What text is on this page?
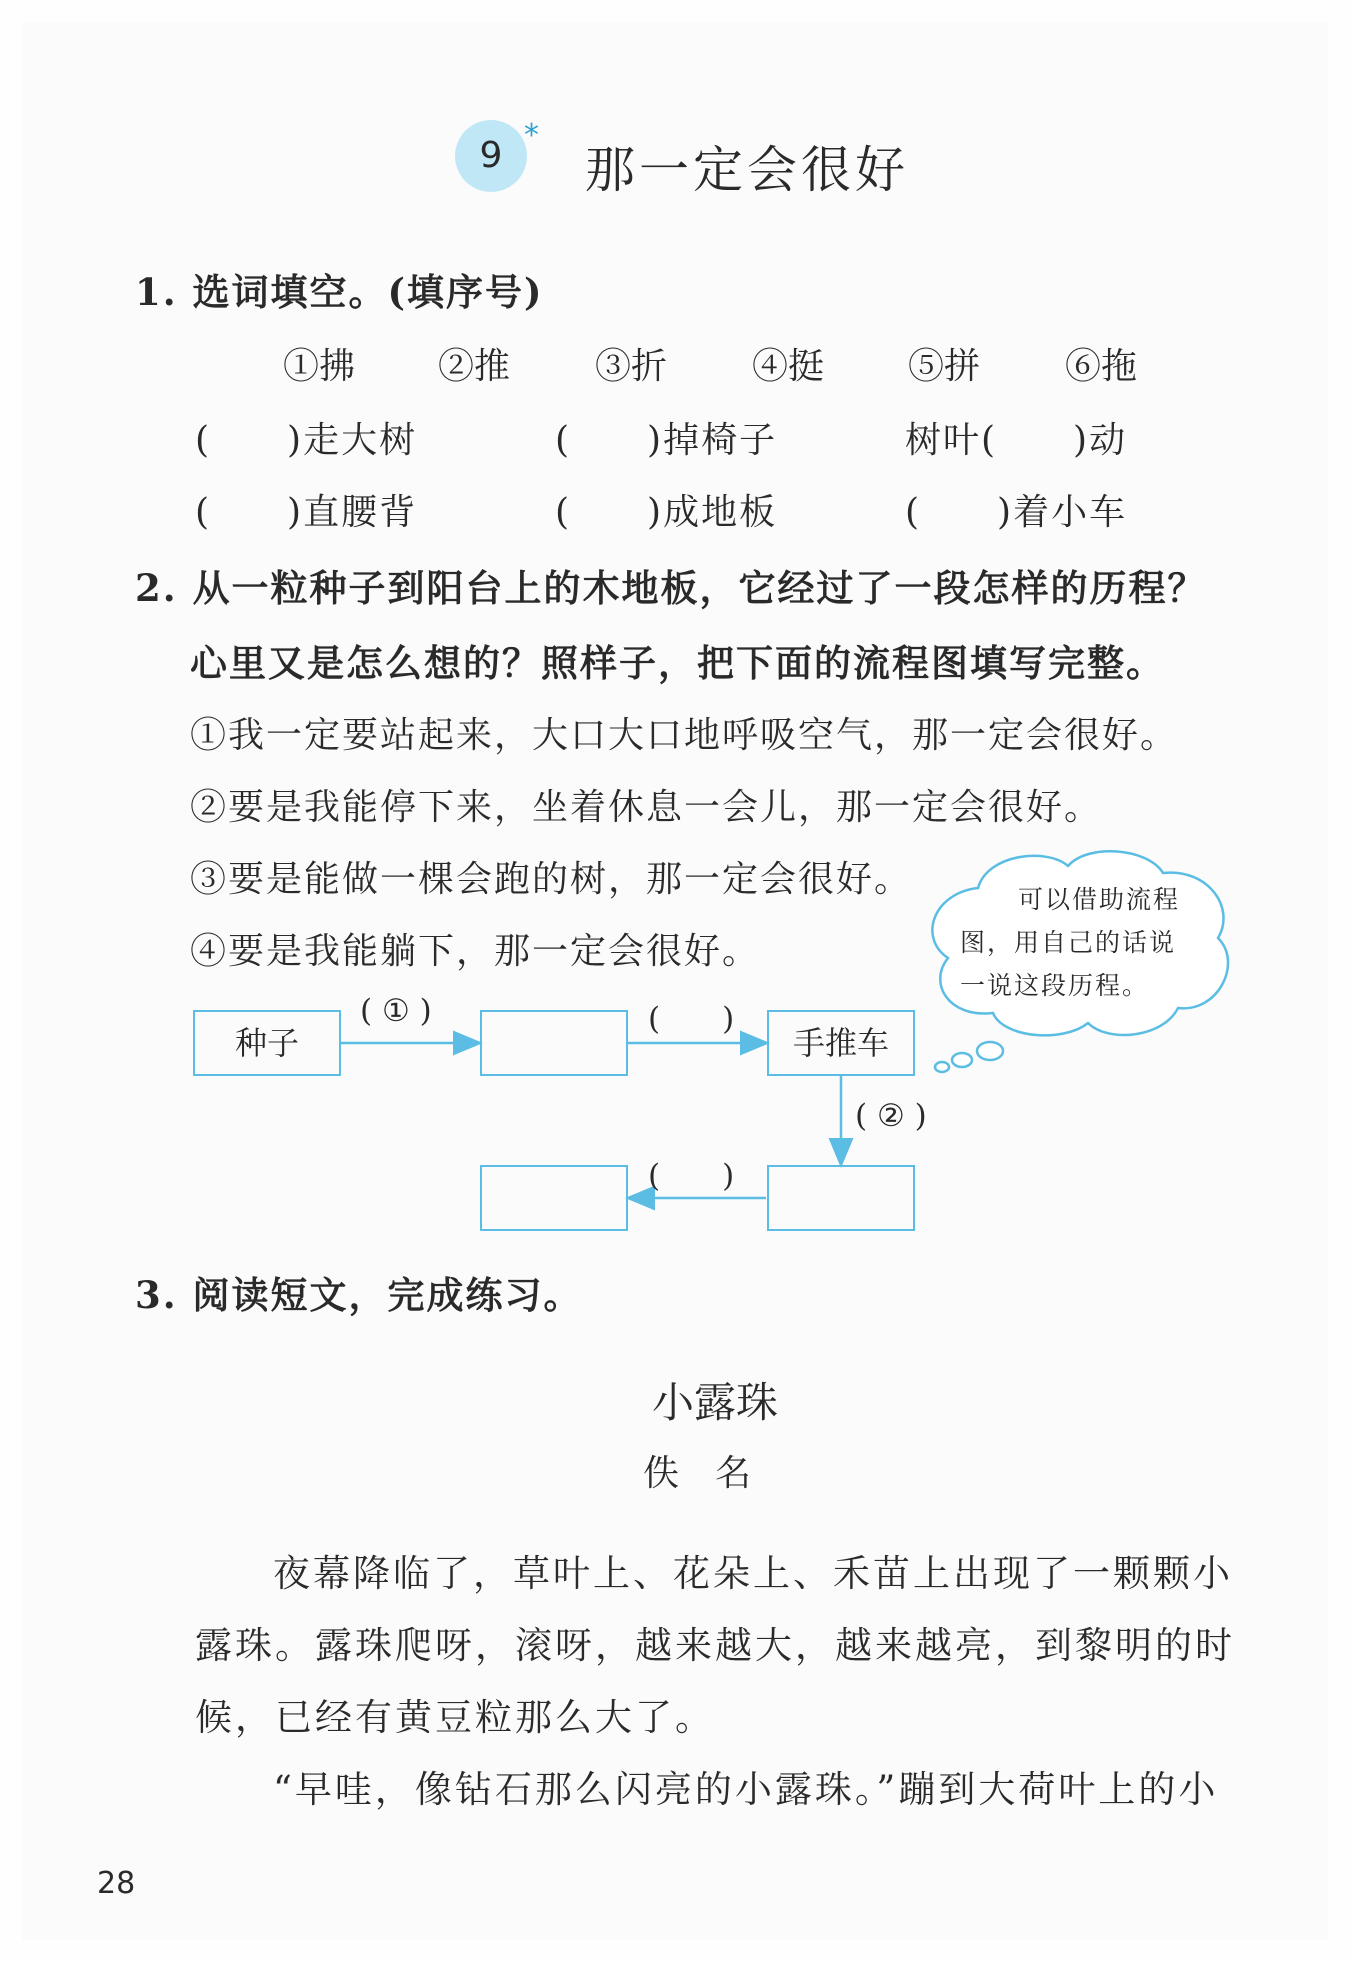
9 *
那一定会很好
1. 选词填空。(填序号)
①拂 ②推 ③折 ④挺 ⑤拼 ⑥拖
(　　)走大树	(　　)掉椅子	树叶(　　)动
(　　)直腰背	(　　)成地板	(　　)着小车
2. 从一粒种子到阳台上的木地板，它经过了一段怎样的历程？
心里又是怎么想的？照样子，把下面的流程图填写完整。
①我一定要站起来，大口大口地呼吸空气，那一定会很好。
②要是我能停下来，坐着休息一会儿，那一定会很好。
③要是能做一棵会跑的树，那一定会很好。
④要是我能躺下，那一定会很好。
可以借助流程
图，用自己的话说
一说这段历程。
种子	手推车
( ① )	(　　)
( ② )
(　　)
3. 阅读短文，完成练习。
小露珠
佚名
夜幕降临了，草叶上、花朵上、禾苗上出现了一颗颗小露珠。露珠爬呀，滚呀，越来越大，越来越亮，到黎明的时候，已经有黄豆粒那么大了。
“早哇，像钻石那么闪亮的小露珠。”蹦到大荷叶上的小
28
